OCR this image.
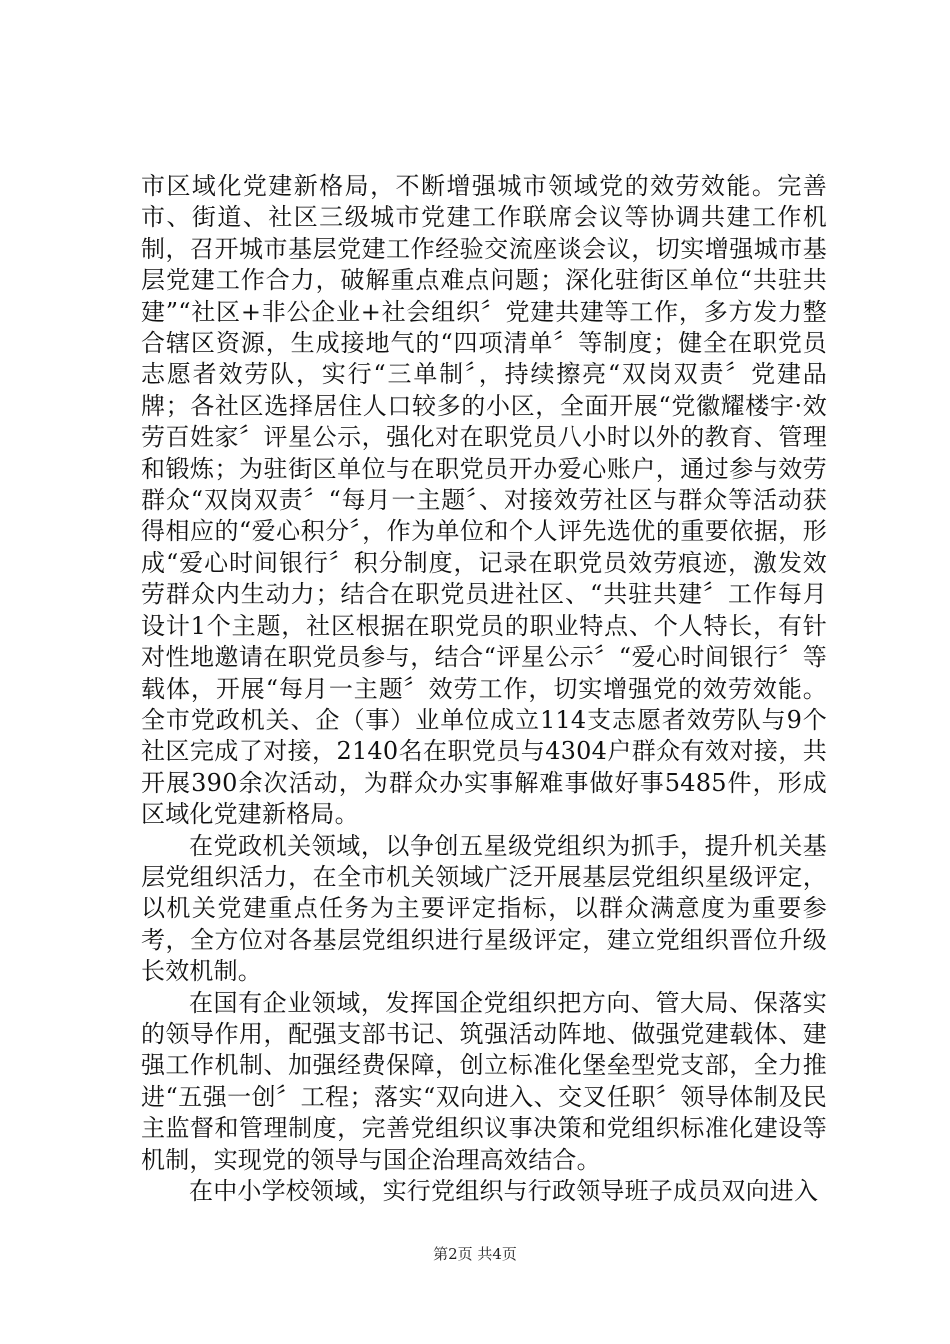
市区域化党建新格局，不断增强城市领域党的效劳效能。完善市、街道、社区三级城市党建工作联席会议等协调共建工作机制，召开城市基层党建工作经验交流座谈会议，切实增强城市基层党建工作合力，破解重点难点问题；深化驻街区单位“共驻共建”“社区+非公企业+社会组织〞党建共建等工作，多方发力整合辖区资源，生成接地气的“四项清单〞等制度；健全在职党员志愿者效劳队，实行“三单制〞，持续擦亮“双岗双责〞党建品牌；各社区选择居住人口较多的小区，全面开展“党徽耀楼宇·效劳百姓家〞评星公示，强化对在职党员八小时以外的教育、管理和锻炼；为驻街区单位与在职党员开办爱心账户，通过参与效劳群众“双岗双责〞“每月一主题〞、对接效劳社区与群众等活动获得相应的“爱心积分〞，作为单位和个人评先选优的重要依据，形成“爱心时间银行〞积分制度，记录在职党员效劳痕迹，激发效劳群众内生动力；结合在职党员进社区、“共驻共建〞工作每月设计1个主题，社区根据在职党员的职业特点、个人特长，有针对性地邀请在职党员参与，结合“评星公示〞“爱心时间银行〞等载体，开展“每月一主题〞效劳工作，切实增强党的效劳效能。全市党政机关、企（事）业单位成立114支志愿者效劳队与9个社区完成了对接，2140名在职党员与4304户群众有效对接，共开展390余次活动，为群众办实事解难事做好事5485件，形成区域化党建新格局。

在党政机关领域，以争创五星级党组织为抓手，提升机关基层党组织活力，在全市机关领域广泛开展基层党组织星级评定，以机关党建重点任务为主要评定指标，以群众满意度为重要参考，全方位对各基层党组织进行星级评定，建立党组织晋位升级长效机制。

在国有企业领域，发挥国企党组织把方向、管大局、保落实的领导作用，配强支部书记、筑强活动阵地、做强党建载体、建强工作机制、加强经费保障，创立标准化堡垒型党支部，全力推进“五强一创〞工程；落实“双向进入、交叉任职〞领导体制及民主监督和管理制度，完善党组织议事决策和党组织标准化建设等机制，实现党的领导与国企治理高效结合。

在中小学校领域，实行党组织与行政领导班子成员双向进入

第2页 共4页
